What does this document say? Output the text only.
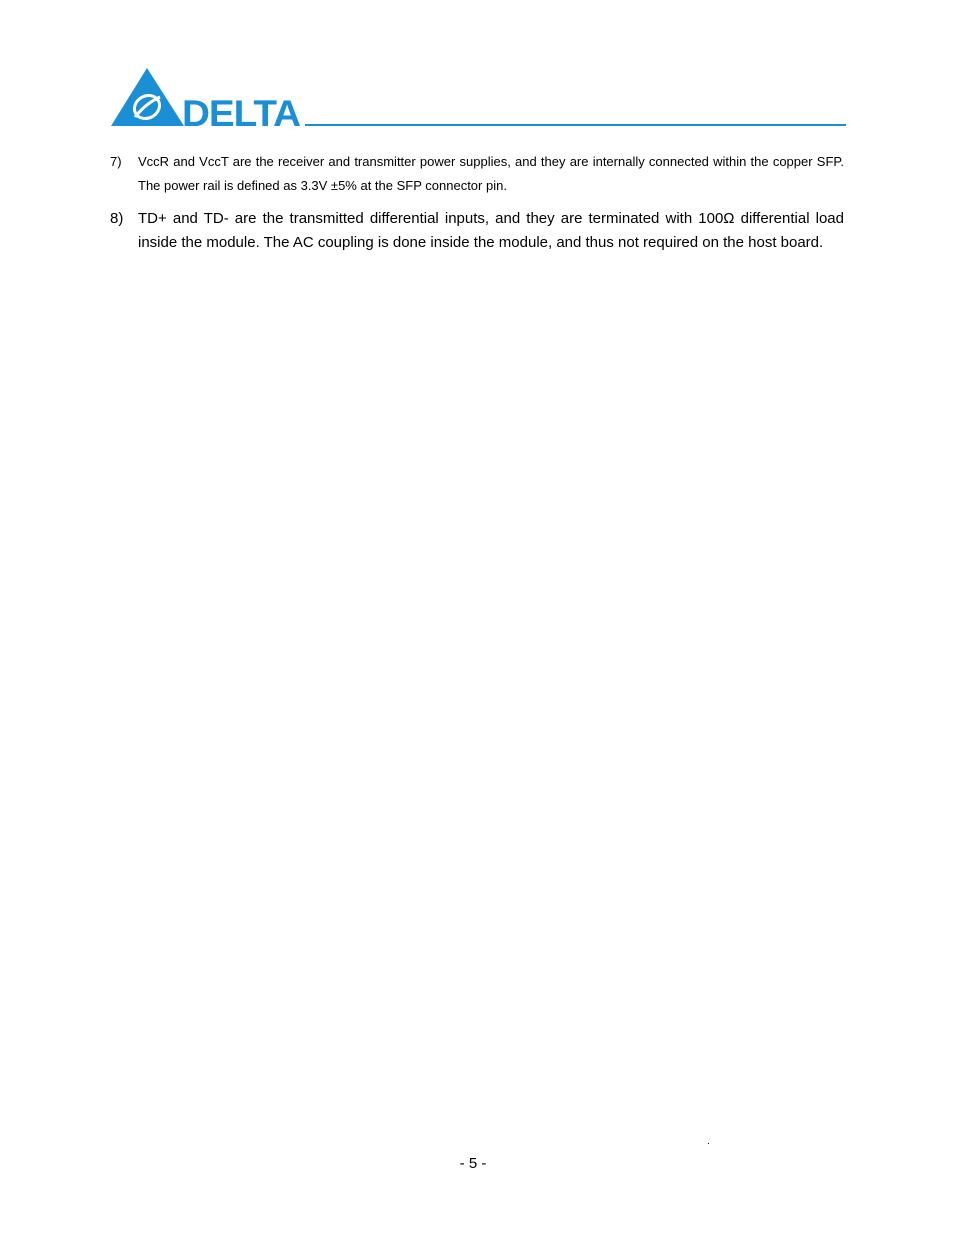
DELTA
7) VccR and VccT are the receiver and transmitter power supplies, and they are internally connected within the copper SFP. The power rail is defined as 3.3V ±5% at the SFP connector pin.
8) TD+ and TD- are the transmitted differential inputs, and they are terminated with 100Ω differential load inside the module. The AC coupling is done inside the module, and thus not required on the host board.
.
- 5 -
